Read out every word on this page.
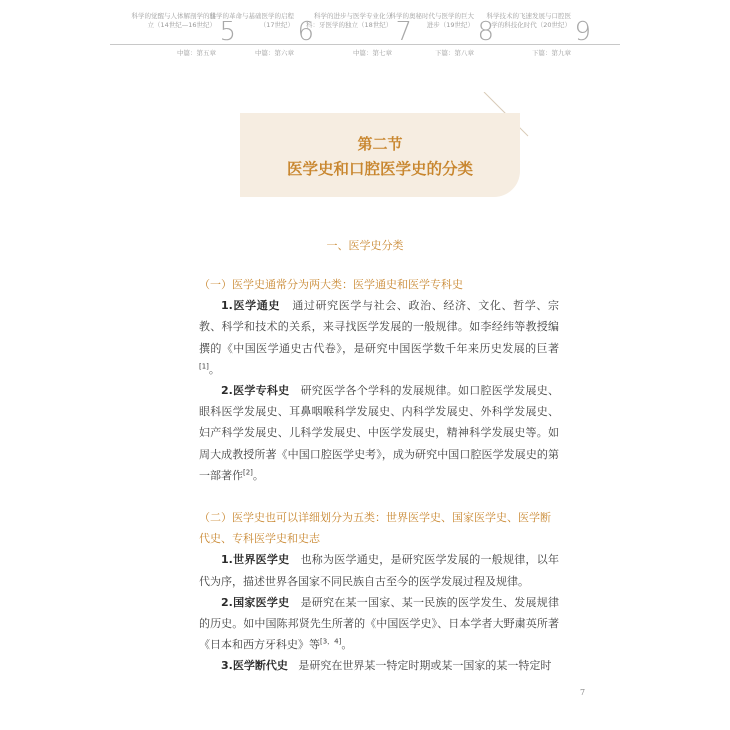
科学的觉醒与人体解剖学的建立（14世纪—16世纪） 5
中篇：第五章
科学的革命与基础医学的启程（17世纪） 6
中篇：第六章
科学的进步与医学专业化分科：牙医学的独立（18世纪） 7
中篇：第七章
科学的奥秘时代与医学的巨大进步（19世纪） 8
下篇：第八章
科学技术的飞速发展与口腔医学的科技化时代（20世纪） 9
下篇：第九章
第二节
医学史和口腔医学史的分类
一、医学史分类
（一）医学史通常分为两大类：医学通史和医学专科史

1.医学通史 通过研究医学与社会、政治、经济、文化、哲学、宗教、科学和技术的关系，来寻找医学发展的一般规律。如李经纬等教授编撰的《中国医学通史古代卷》，是研究中国医学数千年来历史发展的巨著[1]。

2.医学专科史 研究医学各个学科的发展规律。如口腔医学发展史、眼科医学发展史、耳鼻咽喉科学发展史、内科学发展史、外科学发展史、妇产科学发展史、儿科学发展史、中医学发展史，精神科学发展史等。如周大成教授所著《中国口腔医学史考》，成为研究中国口腔医学发展史的第一部著作[2]。

（二）医学史也可以详细划分为五类：世界医学史、国家医学史、医学断代史、专科医学史和史志

1.世界医学史 也称为医学通史，是研究医学发展的一般规律，以年代为序，描述世界各国家不同民族自古至今的医学发展过程及规律。

2.国家医学史 是研究在某一国家、某一民族的医学发生、发展规律的历史。如中国陈邦贤先生所著的《中国医学史》、日本学者大野粛英所著《日本和西方牙科史》等[3，4]。

3.医学断代史 是研究在世界某一特定时期或某一国家的某一特定时

7
